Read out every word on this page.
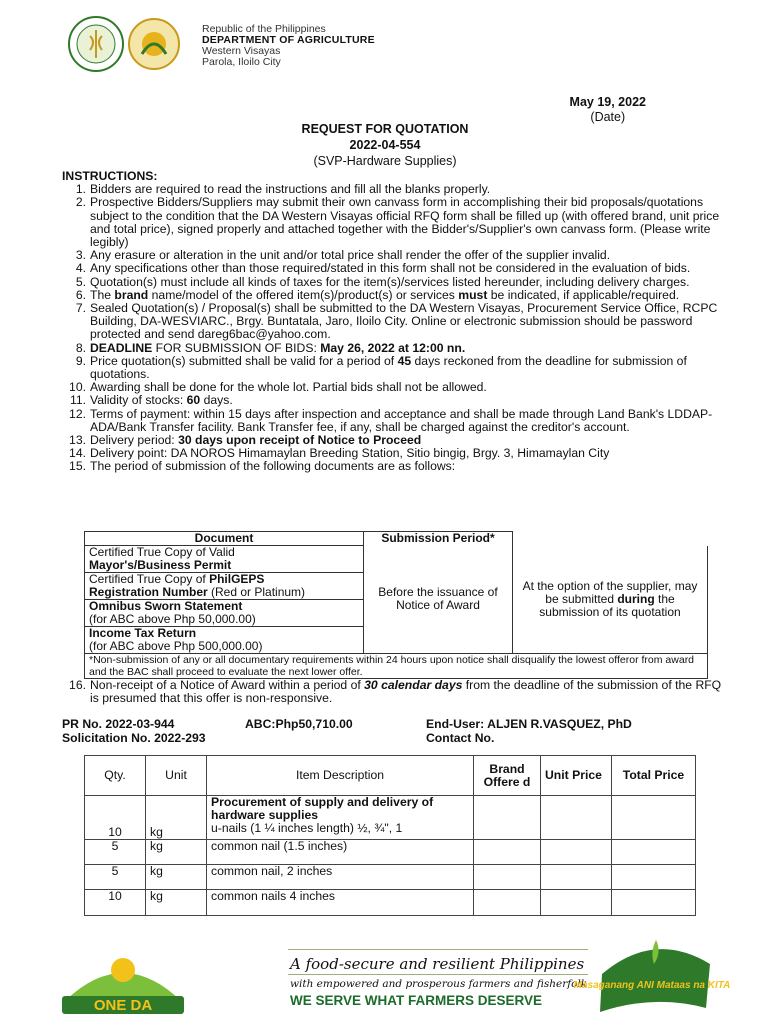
Republic of the Philippines
DEPARTMENT OF AGRICULTURE
Western Visayas
Parola, Iloilo City
May 19, 2022
(Date)
REQUEST FOR QUOTATION
2022-04-554
(SVP-Hardware Supplies)
INSTRUCTIONS:
1. Bidders are required to read the instructions and fill all the blanks properly.
2. Prospective Bidders/Suppliers may submit their own canvass form in accomplishing their bid proposals/quotations subject to the condition that the DA Western Visayas official RFQ form shall be filled up (with offered brand, unit price and total price), signed properly and attached together with the Bidder's/Supplier's own canvass form. (Please write legibly)
3. Any erasure or alteration in the unit and/or total price shall render the offer of the supplier invalid.
4. Any specifications other than those required/stated in this form shall not be considered in the evaluation of bids.
5. Quotation(s) must include all kinds of taxes for the item(s)/services listed hereunder, including delivery charges.
6. The brand name/model of the offered item(s)/product(s) or services must be indicated, if applicable/required.
7. Sealed Quotation(s) / Proposal(s) shall be submitted to the DA Western Visayas, Procurement Service Office, RCPC Building, DA-WESVIARC., Brgy. Buntatala, Jaro, Iloilo City. Online or electronic submission should be password protected and send dareg6bac@yahoo.com.
8. DEADLINE FOR SUBMISSION OF BIDS: May 26, 2022 at 12:00 nn.
9. Price quotation(s) submitted shall be valid for a period of 45 days reckoned from the deadline for submission of quotations.
10. Awarding shall be done for the whole lot. Partial bids shall not be allowed.
11. Validity of stocks: 60 days.
12. Terms of payment: within 15 days after inspection and acceptance and shall be made through Land Bank's LDDAP-ADA/Bank Transfer facility. Bank Transfer fee, if any, shall be charged against the creditor's account.
13. Delivery period: 30 days upon receipt of Notice to Proceed
14. Delivery point: DA NOROS Himamaylan Breeding Station, Sitio bingig, Brgy. 3, Himamaylan City
15. The period of submission of the following documents are as follows:
Document	Submission Period*	

Certified True Copy of Valid
Mayor's/Business Permit	Before the issuance of Notice of Award	At the option of the supplier, may be submitted during the submission of its quotation
Certified True Copy of PhilGEPS
Registration Number (Red or Platinum)		
Omnibus Sworn Statement
(for ABC above Php 50,000.00)		

Income Tax Return
(for ABC above Php 500,000.00)		

*Non-submission of any or all documentary requirements within 24 hours upon notice shall disqualify the lowest offeror from award and the BAC shall proceed to evaluate the next lower offer.		
16. Non-receipt of a Notice of Award within a period of 30 calendar days from the deadline of the submission of the RFQ is presumed that this offer is non-responsive.
PR No. 2022-03-944
Solicitation No. 2022-293
ABC:Php50,710.00	End-User: ALJEN R.VASQUEZ, PhD
Contact No.
Qty.	Unit	Item Description	Brand Offere d	Unit Price	Total Price
10	kg	Procurement of supply and delivery of hardware supplies
u-nails (1 ¼ inches length) ½, ¾", 1			

5	kg	common nail (1.5 inches)			
5	kg	common nail, 2 inches			
10	kg	common nails 4 inches			
ONE DA
A food-secure and resilient Philippines
with empowered and prosperous farmers and fisherfolk
WE SERVE WHAT FARMERS DESERVE
Masaganang ANI Mataas na KITA
